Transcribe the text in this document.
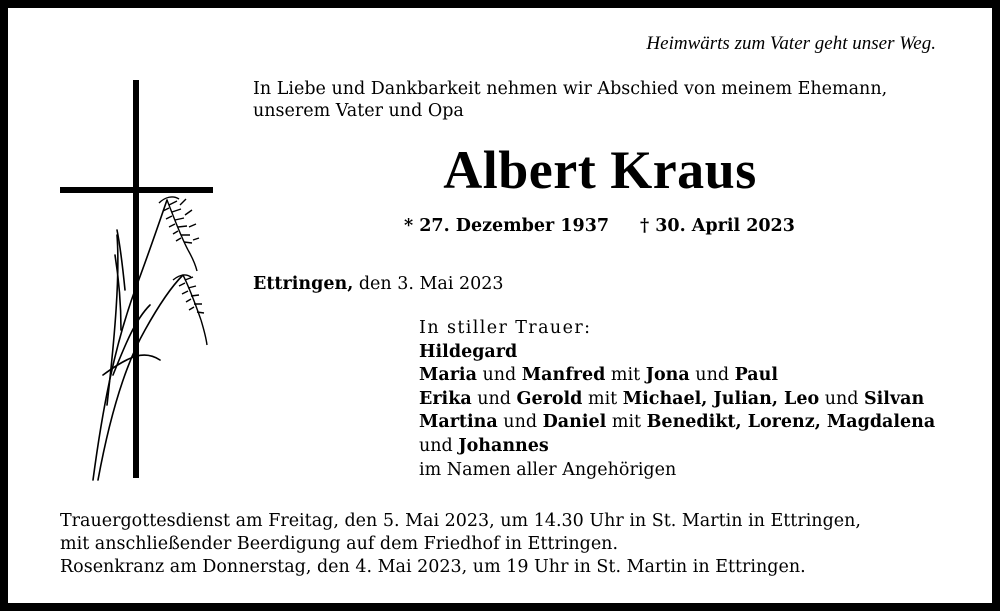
Heimwärts zum Vater geht unser Weg.
In Liebe und Dankbarkeit nehmen wir Abschied von meinem Ehemann,
unserem Vater und Opa
Albert Kraus
* 27. Dezember 1937 † 30. April 2023
Ettringen, den 3. Mai 2023
In stiller Trauer:
Hildegard
Maria und Manfred mit Jona und Paul
Erika und Gerold mit Michael, Julian, Leo und Silvan
Martina und Daniel mit Benedikt, Lorenz, Magdalena
und Johannes
im Namen aller Angehörigen
Trauergottesdienst am Freitag, den 5. Mai 2023, um 14.30 Uhr in St. Martin in Ettringen,
mit anschließender Beerdigung auf dem Friedhof in Ettringen.
Rosenkranz am Donnerstag, den 4. Mai 2023, um 19 Uhr in St. Martin in Ettringen.
